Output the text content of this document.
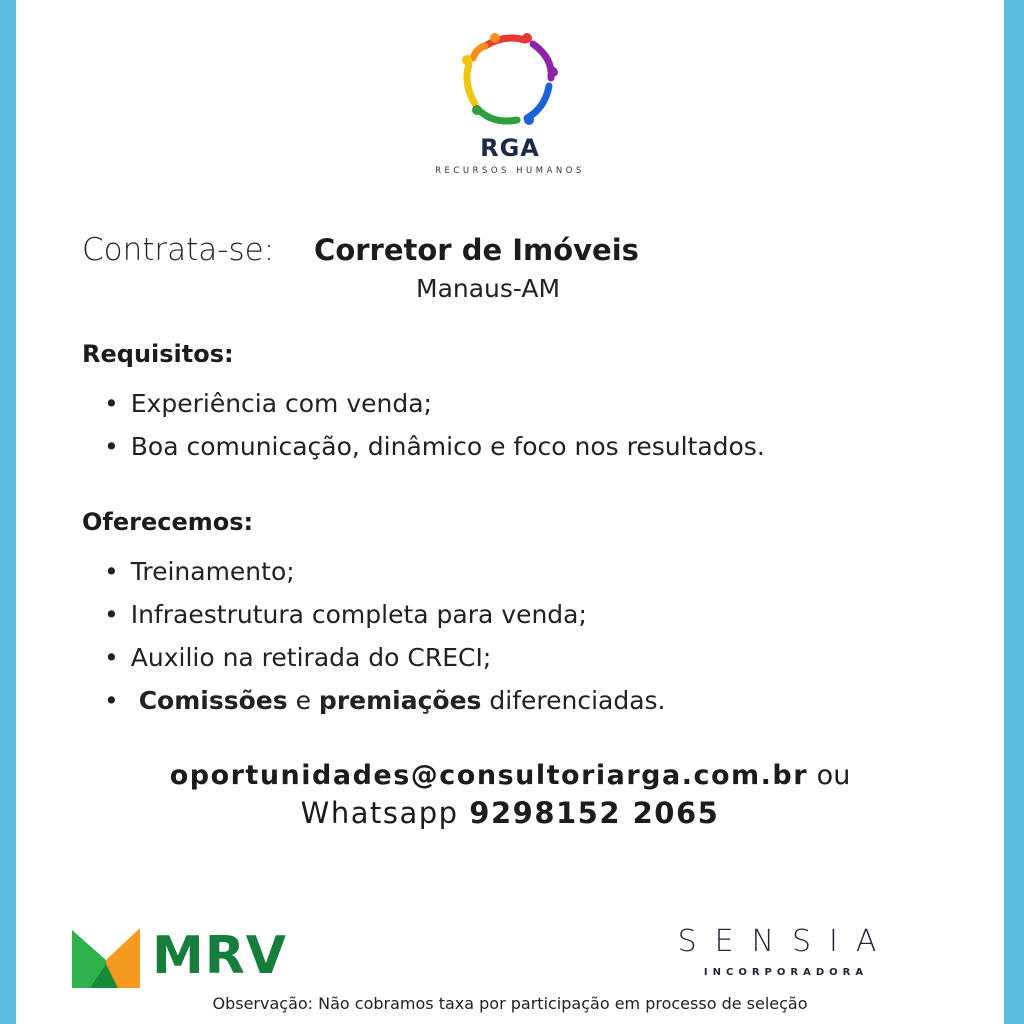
RGA
RECURSOS HUMANOS
Contrata-se: Corretor de Imóveis
Manaus-AM
Requisitos:
• Experiência com venda;
• Boa comunicação, dinâmico e foco nos resultados.
Oferecemos:
• Treinamento;
• Infraestrutura completa para venda;
• Auxilio na retirada do CRECI;
• Comissões e premiações diferenciadas.
oportunidades@consultoriarga.com.br ou
Whatsapp 9298152 2065
MRV	SENSIA
INCORPORADORA
Observação: Não cobramos taxa por participação em processo de seleção
